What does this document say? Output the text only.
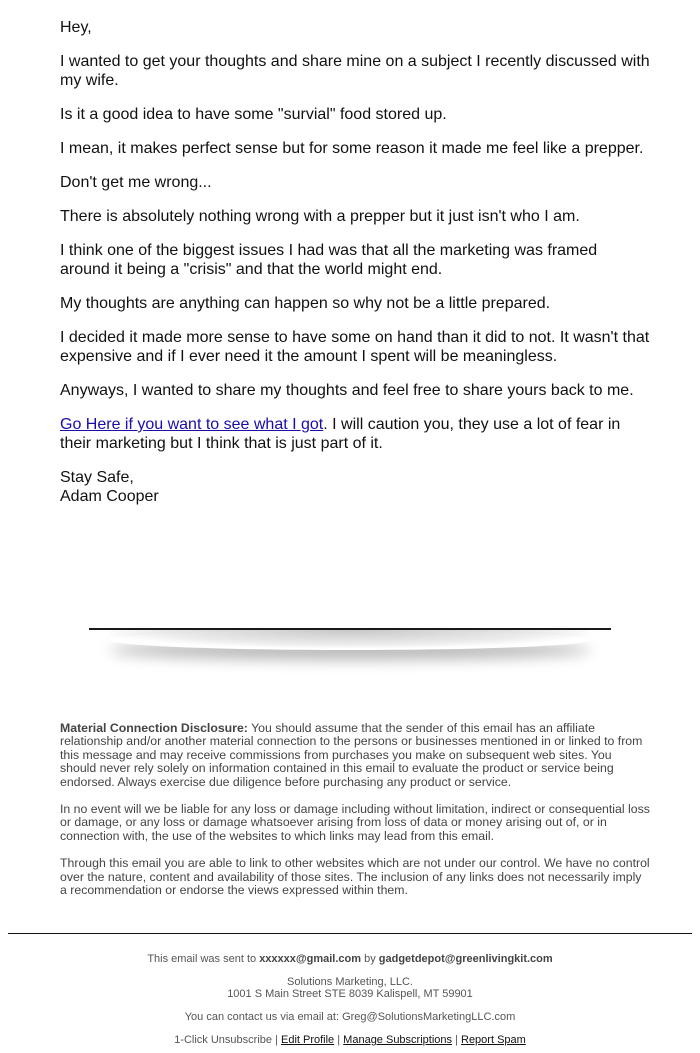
Hey,

I wanted to get your thoughts and share mine on a subject I recently discussed with my wife.

Is it a good idea to have some "survial" food stored up.

I mean, it makes perfect sense but for some reason it made me feel like a prepper.

Don't get me wrong...

There is absolutely nothing wrong with a prepper but it just isn't who I am.

I think one of the biggest issues I had was that all the marketing was framed around it being a "crisis" and that the world might end.

My thoughts are anything can happen so why not be a little prepared.

I decided it made more sense to have some on hand than it did to not. It wasn't that expensive and if I ever need it the amount I spent will be meaningless.

Anyways, I wanted to share my thoughts and feel free to share yours back to me.

Go Here if you want to see what I got. I will caution you, they use a lot of fear in their marketing but I think that is just part of it.

Stay Safe,
Adam Cooper

Material Connection Disclosure: You should assume that the sender of this email has an affiliate relationship and/or another material connection to the persons or businesses mentioned in or linked to from this message and may receive commissions from purchases you make on subsequent web sites. You should never rely solely on information contained in this email to evaluate the product or service being endorsed. Always exercise due diligence before purchasing any product or service.

In no event will we be liable for any loss or damage including without limitation, indirect or consequential loss or damage, or any loss or damage whatsoever arising from loss of data or money arising out of, or in connection with, the use of the websites to which links may lead from this email.

Through this email you are able to link to other websites which are not under our control. We have no control over the nature, content and availability of those sites. The inclusion of any links does not necessarily imply a recommendation or endorse the views expressed within them.

This email was sent to xxxxxx@gmail.com by gadgetdepot@greenlivingkit.com

Solutions Marketing, LLC.

1001 S Main Street STE 8039 Kalispell, MT 59901

You can contact us via email at: Greg@SolutionsMarketingLLC.com

1-Click Unsubscribe | Edit Profile | Manage Subscriptions | Report Spam
